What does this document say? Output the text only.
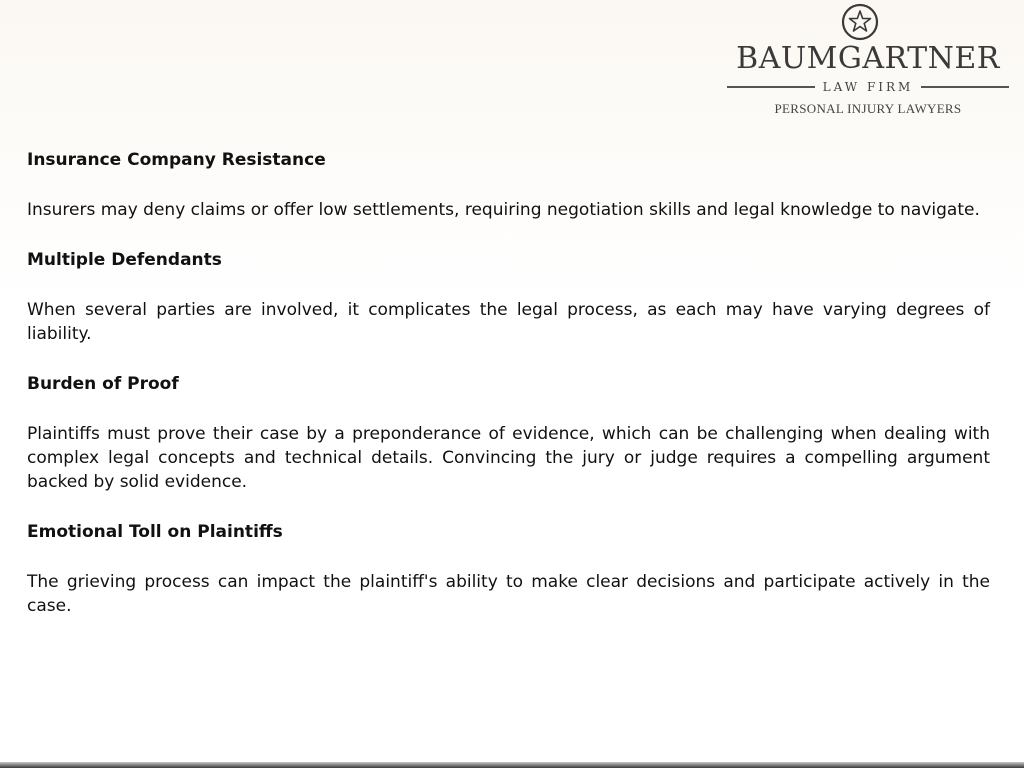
BAUMGARTNER
LAW FIRM
PERSONAL INJURY LAWYERS
Insurance Company Resistance
Insurers may deny claims or offer low settlements, requiring negotiation skills and legal knowledge to navigate.
Multiple Defendants
When several parties are involved, it complicates the legal process, as each may have varying degrees of liability.
Burden of Proof
Plaintiffs must prove their case by a preponderance of evidence, which can be challenging when dealing with complex legal concepts and technical details. Convincing the jury or judge requires a compelling argument backed by solid evidence.
Emotional Toll on Plaintiffs
The grieving process can impact the plaintiff's ability to make clear decisions and participate actively in the case.
